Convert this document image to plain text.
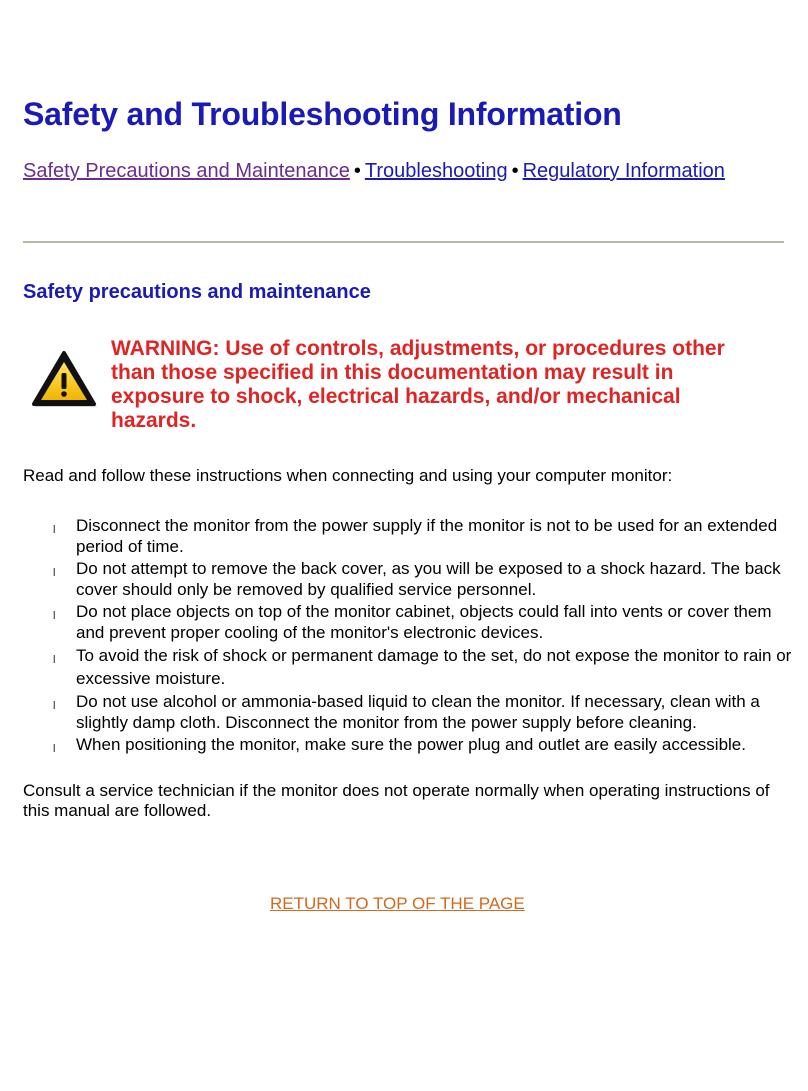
Safety and Troubleshooting Information
Safety Precautions and Maintenance • Troubleshooting • Regulatory Information
Safety precautions and maintenance
WARNING: Use of controls, adjustments, or procedures other than those specified in this documentation may result in exposure to shock, electrical hazards, and/or mechanical hazards.

Read and follow these instructions when connecting and using your computer monitor:

l Disconnect the monitor from the power supply if the monitor is not to be used for an extended period of time.
l Do not attempt to remove the back cover, as you will be exposed to a shock hazard. The back cover should only be removed by qualified service personnel.
l Do not place objects on top of the monitor cabinet, objects could fall into vents or cover them and prevent proper cooling of the monitor's electronic devices.
l To avoid the risk of shock or permanent damage to the set, do not expose the monitor to rain or excessive moisture.
l Do not use alcohol or ammonia-based liquid to clean the monitor. If necessary, clean with a slightly damp cloth. Disconnect the monitor from the power supply before cleaning.
l When positioning the monitor, make sure the power plug and outlet are easily accessible.

Consult a service technician if the monitor does not operate normally when operating instructions of this manual are followed.

RETURN TO TOP OF THE PAGE
